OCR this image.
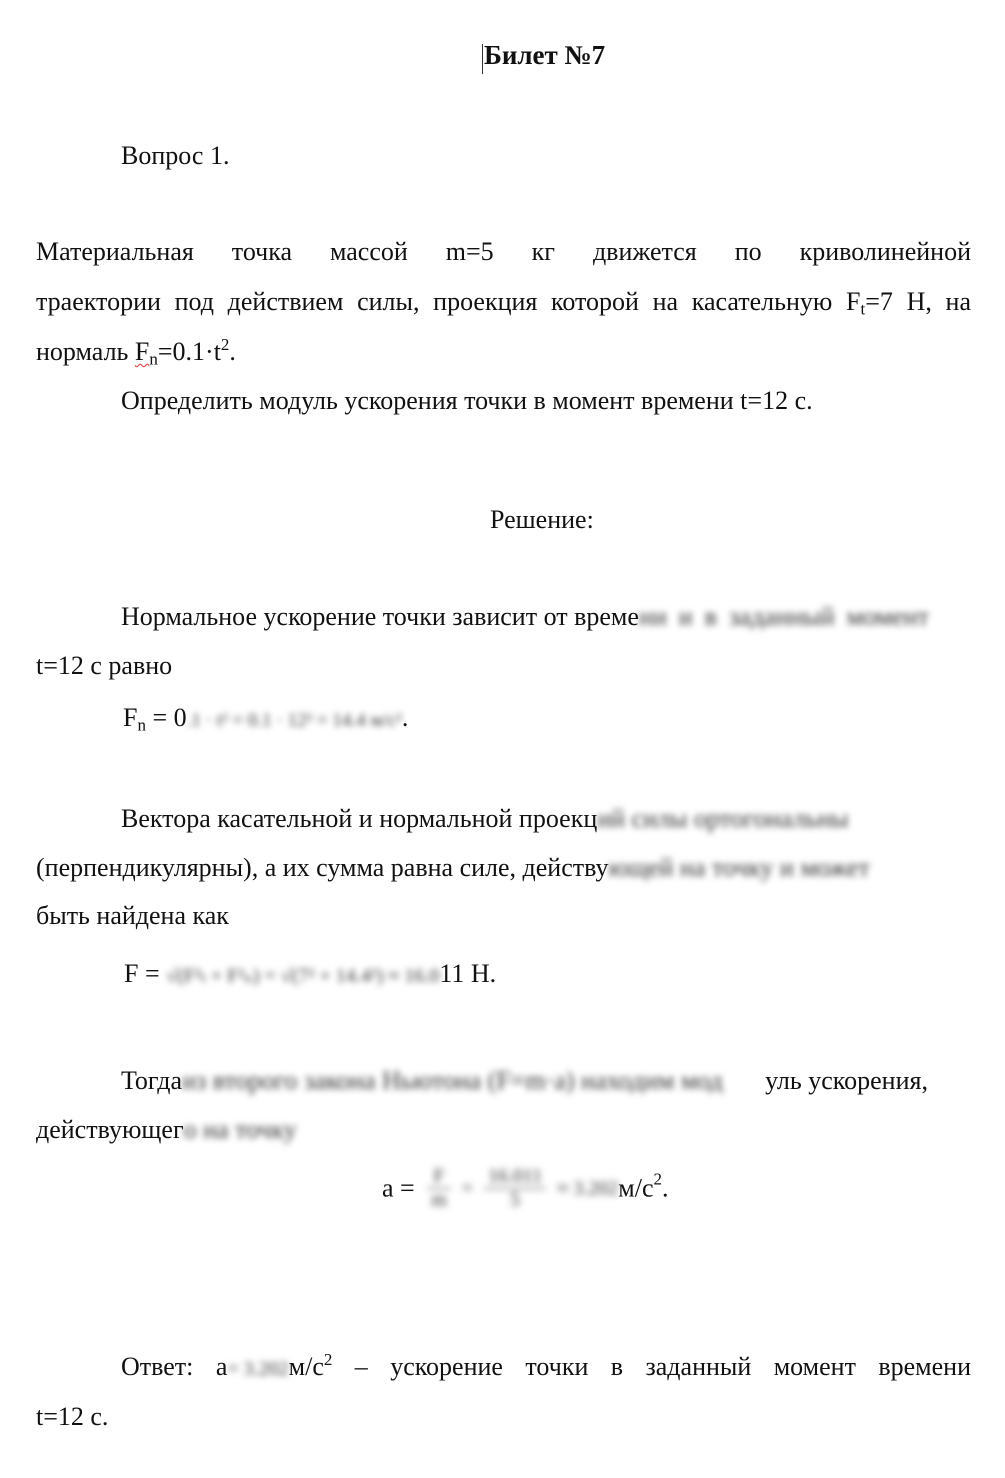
Билет №7
Вопрос 1.
Материальная точка массой m=5 кг движется по криволинейной
траектории под действием силы, проекция которой на касательную $F_t=7$ Н, на
нормаль $F_n=0.1\cdot t^2$.
Определить модуль ускорения точки в момент времени t=12 с.
Решение:
Нормальное ускорение точки зависит от времени и в заданный момент
t=12 с равно
$F_n = 0.1 \cdot t^2 = 0.1 \cdot 12^2 = 14.4$ м/с².
Вектора касательной и нормальной проекций силы ортогональны
(перпендикулярны), а их сумма равна силе, действующей на точку и может
быть найдена как
F = √(F²ₜ + F²ₙ) = √(7² + 14.4²) ≈ 16.011 Н.
Тогдаиз второго закона Ньютона (F=m·a) находим мод уль ускорения,
действующего на точку
$a = \frac{F}{m} = \frac{16.011}{5} \approx 3.202м/с^2$.
Ответ: $a= 3.202м/с^2$ – ускорение точки в заданный момент времени
t=12 с.
